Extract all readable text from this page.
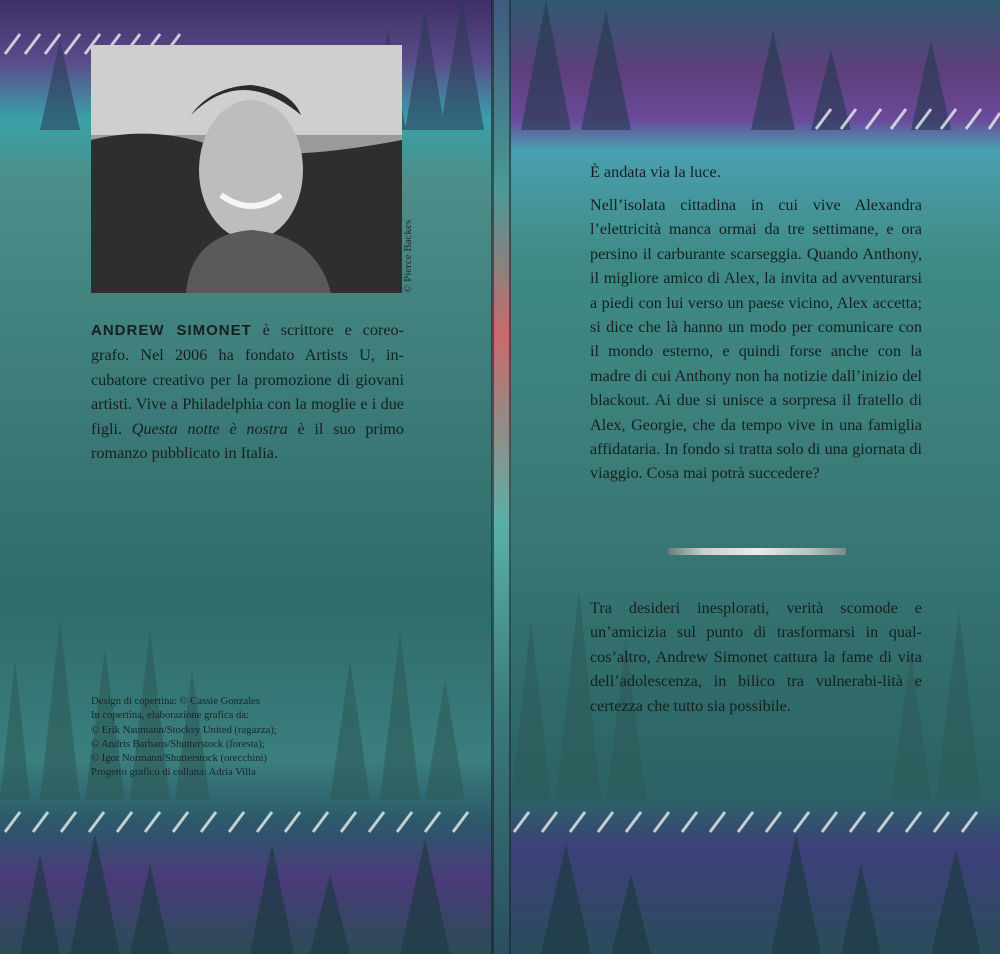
© Pierce Backes
ANDREW SIMONET è scrittore e coreo-grafo. Nel 2006 ha fondato Artists U, in-cubatore creativo per la promozione di giovani artisti. Vive a Philadelphia con la moglie e i due figli. Questa notte è nostra è il suo primo romanzo pubblicato in Italia.
Design di copertina: © Cassie Gonzales
In copertina, elaborazione grafica da:
© Erik Naumann/Stocksy United (ragazza);
© Andris Barbans/Shutterstock (foresta);
© Igor Normann/Shutterstock (orecchini)
Progetto grafico di collana: Adria Villa

È andata via la luce.

Nell’isolata cittadina in cui vive Alexandra l’elettricità manca ormai da tre settimane, e ora persino il carburante scarseggia. Quando Anthony, il migliore amico di Alex, la invita ad avventurarsi a piedi con lui verso un paese vicino, Alex accetta; si dice che là hanno un modo per comunicare con il mondo esterno, e quindi forse anche con la madre di cui Anthony non ha notizie dall’inizio del blackout. Ai due si unisce a sorpresa il fratello di Alex, Georgie, che da tempo vive in una famiglia affidataria. In fondo si tratta solo di una giornata di viaggio. Cosa mai potrà succedere?

Tra desideri inesplorati, verità scomode e un’amicizia sul punto di trasformarsi in qual-cos’altro, Andrew Simonet cattura la fame di vita dell’adolescenza, in bilico tra vulnerabi-lità e certezza che tutto sia possibile.
